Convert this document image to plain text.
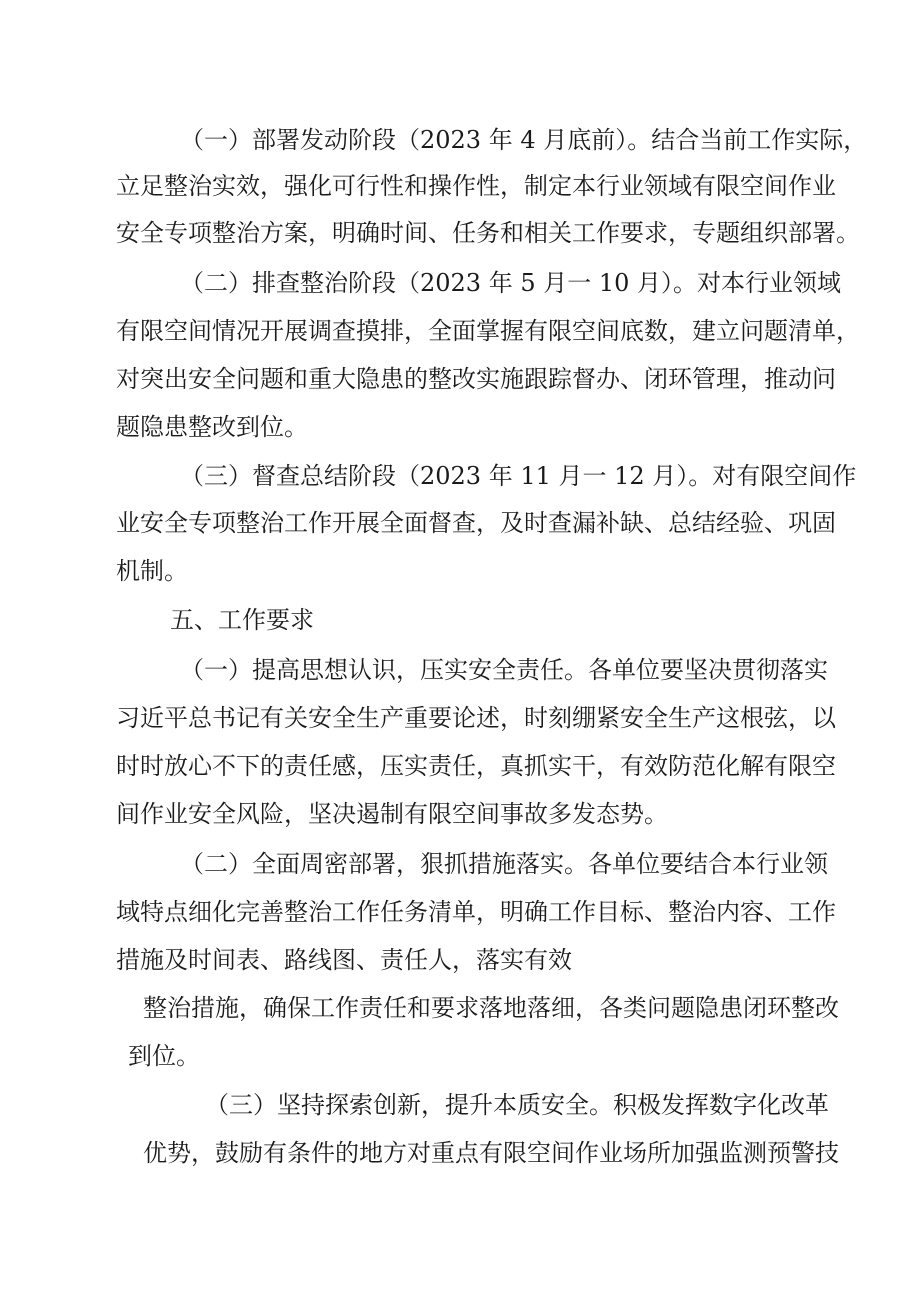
（一）部署发动阶段（2023 年 4 月底前）。结合当前工作实际，

立足整治实效，强化可行性和操作性，制定本行业领域有限空间作业

安全专项整治方案，明确时间、任务和相关工作要求，专题组织部署。

（二）排查整治阶段（2023 年 5 月一 10 月）。对本行业领域

有限空间情况开展调查摸排，全面掌握有限空间底数，建立问题清单，

对突出安全问题和重大隐患的整改实施跟踪督办、闭环管理，推动问

题隐患整改到位。

（三）督查总结阶段（2023 年 11 月一 12 月）。对有限空间作

业安全专项整治工作开展全面督查，及时查漏补缺、总结经验、巩固

机制。

五、工作要求

（一）提高思想认识，压实安全责任。各单位要坚决贯彻落实

习近平总书记有关安全生产重要论述，时刻绷紧安全生产这根弦，以

时时放心不下的责任感，压实责任，真抓实干，有效防范化解有限空

间作业安全风险，坚决遏制有限空间事故多发态势。

（二）全面周密部署，狠抓措施落实。各单位要结合本行业领

域特点细化完善整治工作任务清单，明确工作目标、整治内容、工作

措施及时间表、路线图、责任人，落实有效

整治措施，确保工作责任和要求落地落细，各类问题隐患闭环整改

到位。

（三）坚持探索创新，提升本质安全。积极发挥数字化改革

优势，鼓励有条件的地方对重点有限空间作业场所加强监测预警技
